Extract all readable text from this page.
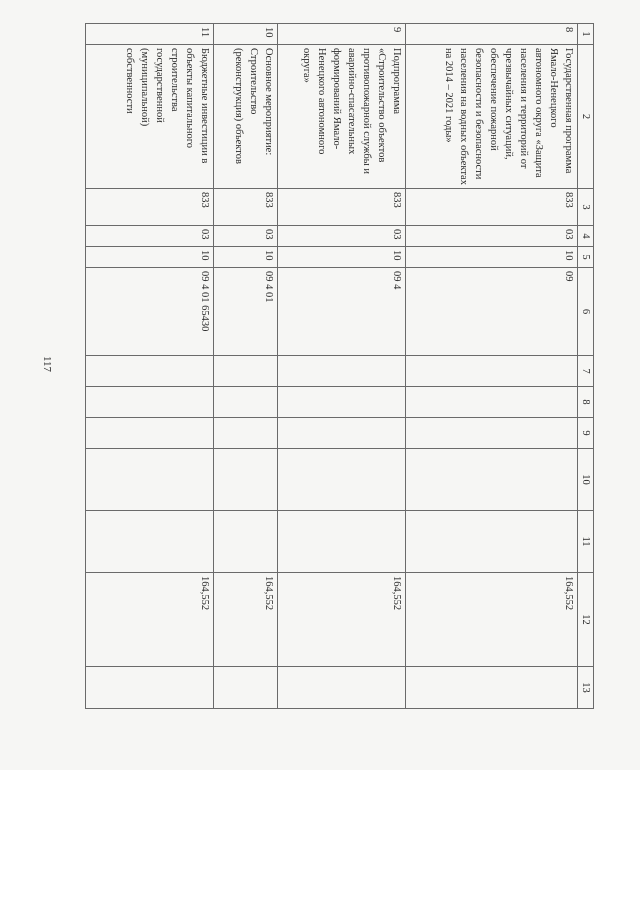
117
1	2	3	4	5	6	7	8	9	10	11	12	13
8	Государственная программа Ямало-Ненецкого автономного округа «Защита населения и территорий от чрезвычайных ситуаций, обеспечение пожарной безопасности и безопасности населения на водных объектах на 2014 – 2021 годы»	833	03	10	09						164,552	
9	Подпрограмма «Строительство объектов противопожарной службы и аварийно-спасательных формирований Ямало-Ненецкого автономного округа»	833	03	10	09 4						164,552	
10	Основное мероприятие: Строительство (реконструкция) объектов	833	03	10	09 4 01						164,552	
11	Бюджетные инвестиции в объекты капитального строительства государственной (муниципальной) собственности	833	03	10	09 4 01 65430						164,552	
